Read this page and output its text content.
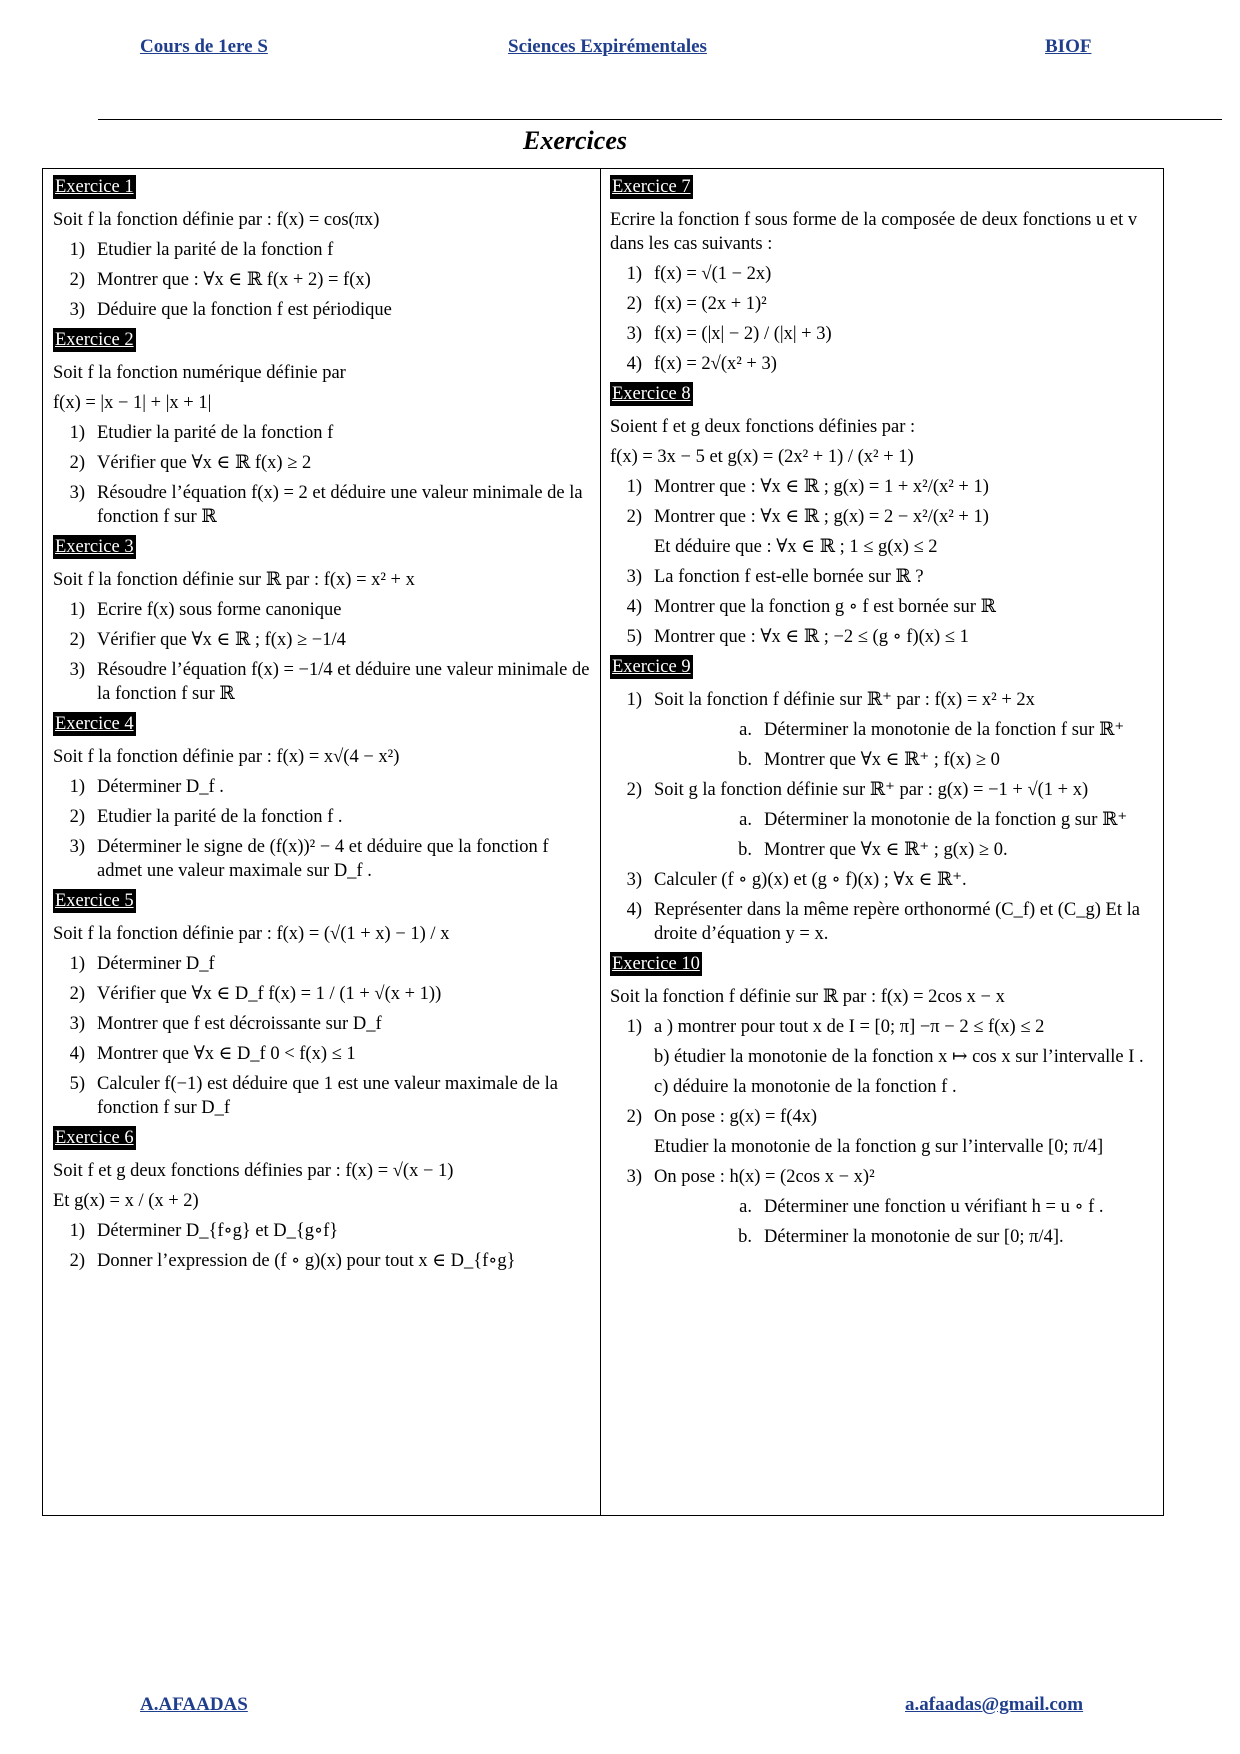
Cours de 1ere S	Sciences Expirémentales	BIOF
Exercices
Exercice 1
Soit f la fonction définie par : f(x) = cos(πx)
1) Etudier la parité de la fonction f
2) Montrer que : ∀x ∈ ℝ f(x + 2) = f(x)
3) Déduire que la fonction f est périodique
Exercice 2
Soit f la fonction numérique définie par
f(x) = |x − 1| + |x + 1|
1) Etudier la parité de la fonction f
2) Vérifier que ∀x ∈ ℝ f(x) ≥ 2
3) Résoudre l’équation f(x) = 2 et déduire une valeur minimale de la fonction f sur ℝ
Exercice 3
Soit f la fonction définie sur ℝ par : f(x) = x² + x
1) Ecrire f(x) sous forme canonique
2) Vérifier que ∀x ∈ ℝ ; f(x) ≥ −1/4
3) Résoudre l’équation f(x) = −1/4 et déduire une valeur minimale de la fonction f sur ℝ
Exercice 4
Soit f la fonction définie par : f(x) = x√(4 − x²)
1) Déterminer D_f .
2) Etudier la parité de la fonction f .
3) Déterminer le signe de (f(x))² − 4 et déduire que la fonction f admet une valeur maximale sur D_f .
Exercice 5
Soit f la fonction définie par : f(x) = (√(1 + x) − 1) / x
1) Déterminer D_f
2) Vérifier que ∀x ∈ D_f f(x) = 1 / (1 + √(x + 1))
3) Montrer que f est décroissante sur D_f
4) Montrer que ∀x ∈ D_f 0 < f(x) ≤ 1
5) Calculer f(−1) est déduire que 1 est une valeur maximale de la fonction f sur D_f
Exercice 6
Soit f et g deux fonctions définies par : f(x) = √(x − 1)
Et g(x) = x / (x + 2)
1) Déterminer D_{f∘g} et D_{g∘f}
2) Donner l’expression de (f ∘ g)(x) pour tout x ∈ D_{f∘g}
Exercice 7
Ecrire la fonction f sous forme de la composée de deux fonctions u et v dans les cas suivants :
1) f(x) = √(1 − 2x)
2) f(x) = (2x + 1)²
3) f(x) = (|x| − 2) / (|x| + 3)
4) f(x) = 2√(x² + 3)
Exercice 8
Soient f et g deux fonctions définies par :
f(x) = 3x − 5 et g(x) = (2x² + 1) / (x² + 1)
1) Montrer que : ∀x ∈ ℝ ; g(x) = 1 + x²/(x² + 1)
2) Montrer que : ∀x ∈ ℝ ; g(x) = 2 − x²/(x² + 1)
Et déduire que : ∀x ∈ ℝ ; 1 ≤ g(x) ≤ 2
3) La fonction f est-elle bornée sur ℝ ?
4) Montrer que la fonction g ∘ f est bornée sur ℝ
5) Montrer que : ∀x ∈ ℝ ; −2 ≤ (g ∘ f)(x) ≤ 1
Exercice 9
1) Soit la fonction f définie sur ℝ⁺ par : f(x) = x² + 2x
a. Déterminer la monotonie de la fonction f sur ℝ⁺
b. Montrer que ∀x ∈ ℝ⁺ ; f(x) ≥ 0
2) Soit g la fonction définie sur ℝ⁺ par : g(x) = −1 + √(1 + x)
a. Déterminer la monotonie de la fonction g sur ℝ⁺
b. Montrer que ∀x ∈ ℝ⁺ ; g(x) ≥ 0.
3) Calculer (f ∘ g)(x) et (g ∘ f)(x) ; ∀x ∈ ℝ⁺.
4) Représenter dans la même repère orthonormé (C_f) et (C_g) Et la droite d’équation y = x.
Exercice 10
Soit la fonction f définie sur ℝ par : f(x) = 2cos x − x
1) a ) montrer pour tout x de I = [0; π] −π − 2 ≤ f(x) ≤ 2
b) étudier la monotonie de la fonction x ↦ cos x sur l’intervalle I .
c) déduire la monotonie de la fonction f .
2) On pose : g(x) = f(4x)
Etudier la monotonie de la fonction g sur l’intervalle [0; π/4]
3) On pose : h(x) = (2cos x − x)²
a. Déterminer une fonction u vérifiant h = u ∘ f .
b. Déterminer la monotonie de sur [0; π/4].
A.AFAADAS	a.afaadas@gmail.com
